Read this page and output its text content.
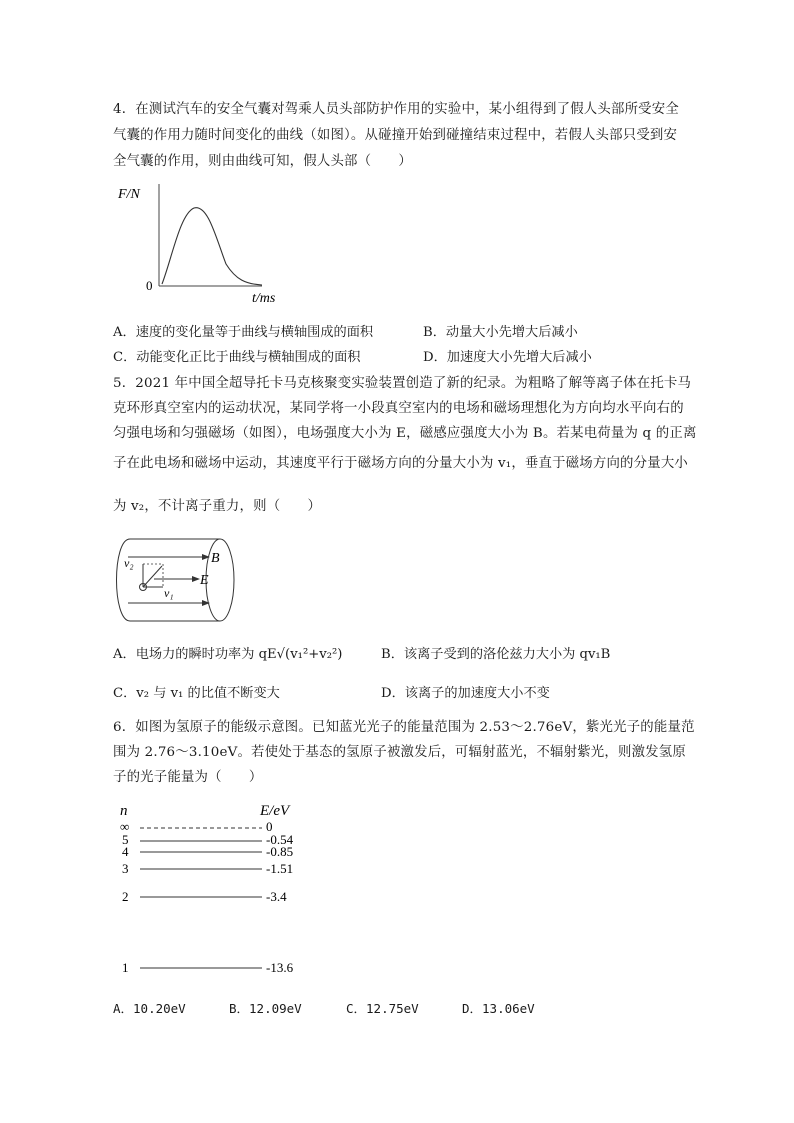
4．在测试汽车的安全气囊对驾乘人员头部防护作用的实验中，某小组得到了假人头部所受安全
气囊的作用力随时间变化的曲线（如图）。从碰撞开始到碰撞结束过程中，若假人头部只受到安
全气囊的作用，则由曲线可知，假人头部（　　）
F/N
0
t/ms
A．速度的变化量等于曲线与横轴围成的面积	B．动量大小先增大后减小
C．动能变化正比于曲线与横轴围成的面积	D．加速度大小先增大后减小
5．2021 年中国全超导托卡马克核聚变实验装置创造了新的纪录。为粗略了解等离子体在托卡马
克环形真空室内的运动状况，某同学将一小段真空室内的电场和磁场理想化为方向均水平向右的
匀强电场和匀强磁场（如图），电场强度大小为 E，磁感应强度大小为 B。若某电荷量为 q 的正离
子在此电场和磁场中运动，其速度平行于磁场方向的分量大小为 v₁，垂直于磁场方向的分量大小
为 v₂，不计离子重力，则（　　）
B
E
v₂
v₁
A．电场力的瞬时功率为 qE√(v₁²+v₂²)	B．该离子受到的洛伦兹力大小为 qv₁B
C．v₂ 与 v₁ 的比值不断变大	D．该离子的加速度大小不变
6．如图为氢原子的能级示意图。已知蓝光光子的能量范围为 2.53～2.76eV，紫光光子的能量范
围为 2.76～3.10eV。若使处于基态的氢原子被激发后，可辐射蓝光，不辐射紫光，则激发氢原
子的光子能量为（　　）
n	E/eV
∞	0
5	-0.54
4	-0.85
3	-1.51
2	-3.4
1	-13.6
A．10.20eV	B．12.09eV	C．12.75eV	D．13.06eV
